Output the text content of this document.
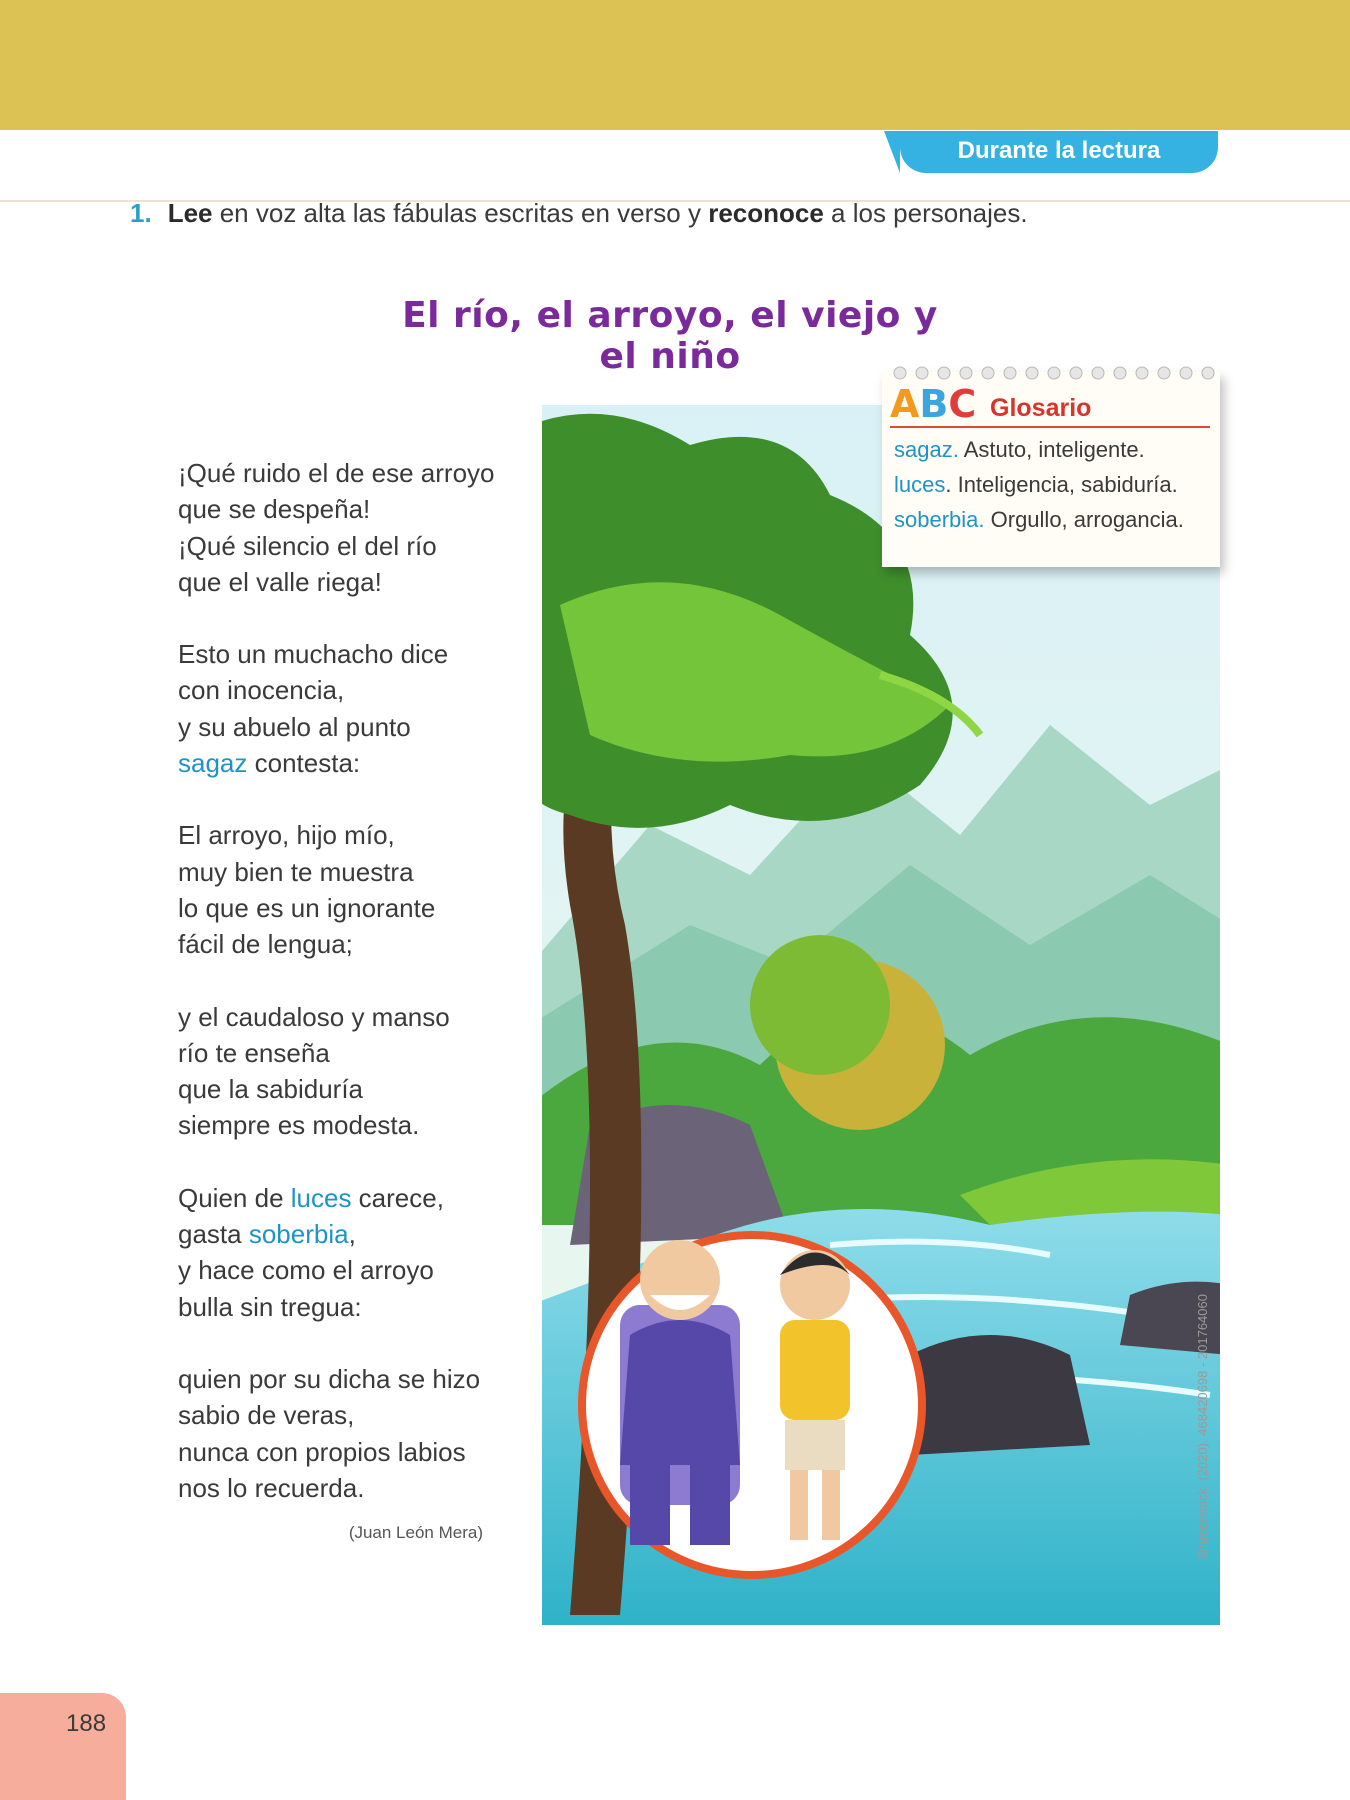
Durante la lectura
1. Lee en voz alta las fábulas escritas en verso y reconoce a los personajes.
El río, el arroyo, el viejo y el niño
¡Qué ruido el de ese arroyo
que se despeña!
¡Qué silencio el del río
que el valle riega!
Esto un muchacho dice
con inocencia,
y su abuelo al punto
sagaz contesta:
El arroyo, hijo mío,
muy bien te muestra
lo que es un ignorante
fácil de lengua;
y el caudaloso y manso
río te enseña
que la sabiduría
siempre es modesta.
Quien de luces carece,
gasta soberbia,
y hace como el arroyo
bulla sin tregua:
quien por su dicha se hizo
sabio de veras,
nunca con propios labios
nos lo recuerda.
(Juan León Mera)	Shutterstock. (2020). 468420698 - 201764060
ABC Glosario
sagaz. Astuto, inteligente.
luces. Inteligencia, sabiduría.
soberbia. Orgullo, arrogancia.
188
